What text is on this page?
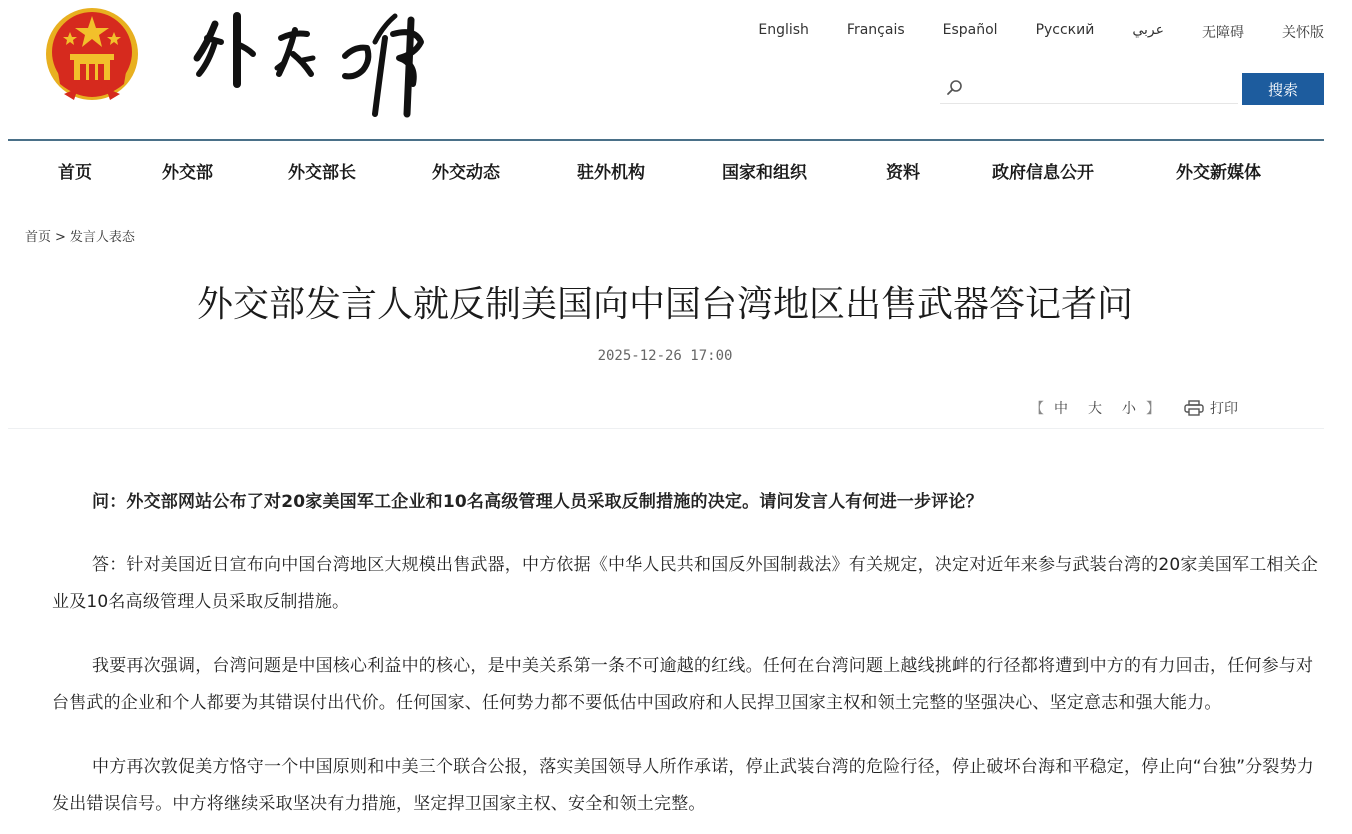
English	Français	Español	Русский	عربي	无障碍	关怀版
搜索
首页	外交部	外交部长	外交动态	驻外机构	国家和组织	资料	政府信息公开	外交新媒体
首页 > 发言人表态
外交部发言人就反制美国向中国台湾地区出售武器答记者问
2025-12-26 17:00
【 中 大 小 】	打印

问：外交部网站公布了对20家美国军工企业和10名高级管理人员采取反制措施的决定。请问发言人有何进一步评论？

答：针对美国近日宣布向中国台湾地区大规模出售武器，中方依据《中华人民共和国反外国制裁法》有关规定，决定对近年来参与武装台湾的20家美国军工相关企业及10名高级管理人员采取反制措施。

我要再次强调，台湾问题是中国核心利益中的核心，是中美关系第一条不可逾越的红线。任何在台湾问题上越线挑衅的行径都将遭到中方的有力回击，任何参与对台售武的企业和个人都要为其错误付出代价。任何国家、任何势力都不要低估中国政府和人民捍卫国家主权和领土完整的坚强决心、坚定意志和强大能力。

中方再次敦促美方恪守一个中国原则和中美三个联合公报，落实美国领导人所作承诺，停止武装台湾的危险行径，停止破坏台海和平稳定，停止向“台独”分裂势力发出错误信号。中方将继续采取坚决有力措施，坚定捍卫国家主权、安全和领土完整。
